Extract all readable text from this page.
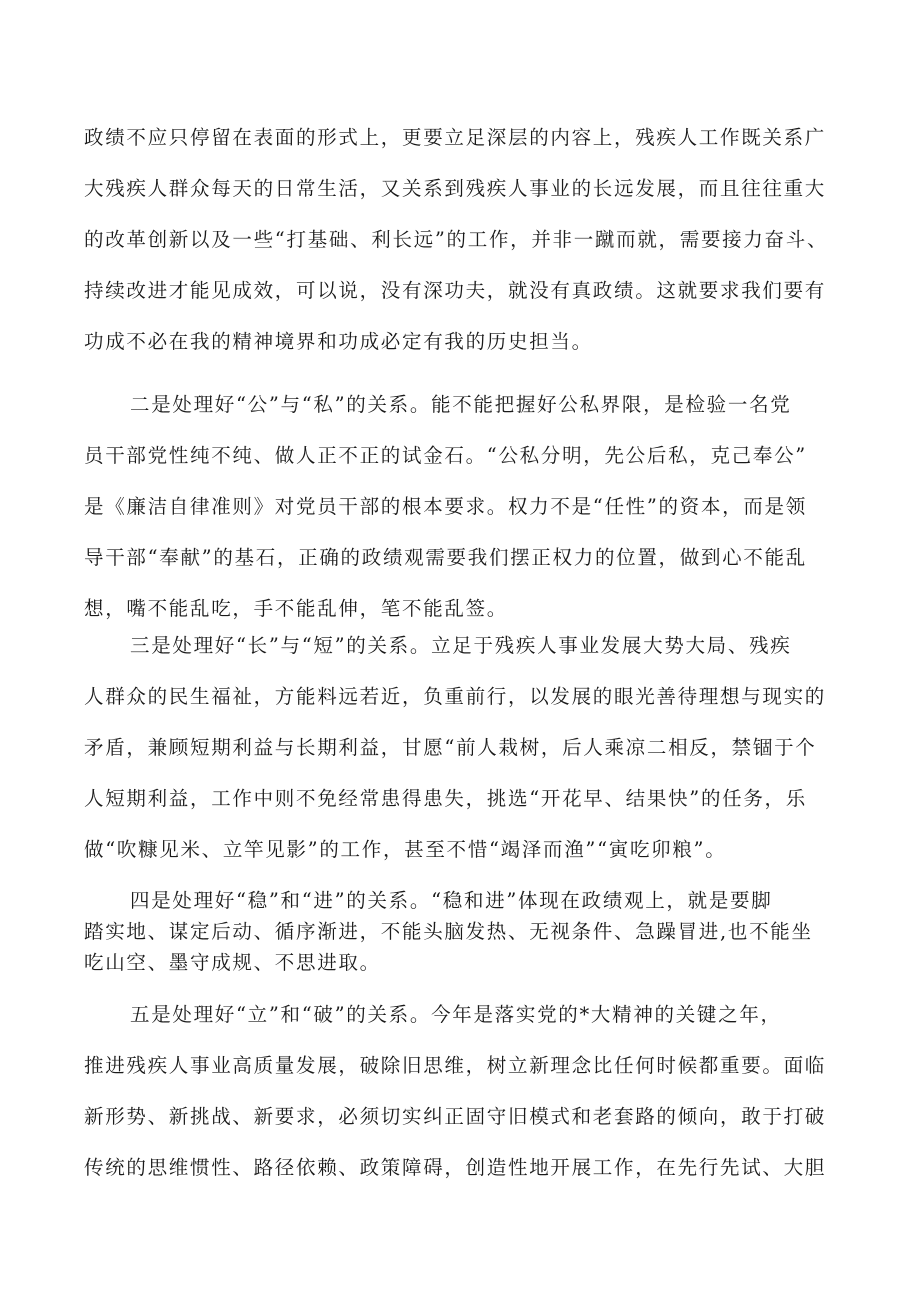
政绩不应只停留在表面的形式上，更要立足深层的内容上，残疾人工作既关系广
大残疾人群众每天的日常生活，又关系到残疾人事业的长远发展，而且往往重大
的改革创新以及一些“打基础、利长远”的工作，并非一蹴而就，需要接力奋斗、
持续改进才能见成效，可以说，没有深功夫，就没有真政绩。这就要求我们要有
功成不必在我的精神境界和功成必定有我的历史担当。

二是处理好“公”与“私”的关系。能不能把握好公私界限，是检验一名党
员干部党性纯不纯、做人正不正的试金石。“公私分明，先公后私，克己奉公”
是《廉洁自律准则》对党员干部的根本要求。权力不是“任性”的资本，而是领
导干部“奉献”的基石，正确的政绩观需要我们摆正权力的位置，做到心不能乱
想，嘴不能乱吃，手不能乱伸，笔不能乱签。

三是处理好“长”与“短”的关系。立足于残疾人事业发展大势大局、残疾
人群众的民生福祉，方能料远若近，负重前行，以发展的眼光善待理想与现实的
矛盾，兼顾短期利益与长期利益，甘愿“前人栽树，后人乘凉二相反，禁锢于个
人短期利益，工作中则不免经常患得患失，挑选“开花早、结果快”的任务，乐
做“吹糠见米、立竿见影”的工作，甚至不惜“竭泽而渔”“寅吃卯粮”。

四是处理好“稳”和“进”的关系。“稳和进”体现在政绩观上，就是要脚
踏实地、谋定后动、循序渐进，不能头脑发热、无视条件、急躁冒进,也不能坐
吃山空、墨守成规、不思进取。

五是处理好“立”和“破”的关系。今年是落实党的*大精神的关键之年，
推进残疾人事业高质量发展，破除旧思维，树立新理念比任何时候都重要。面临
新形势、新挑战、新要求，必须切实纠正固守旧模式和老套路的倾向，敢于打破
传统的思维惯性、路径依赖、政策障碍，创造性地开展工作，在先行先试、大胆
